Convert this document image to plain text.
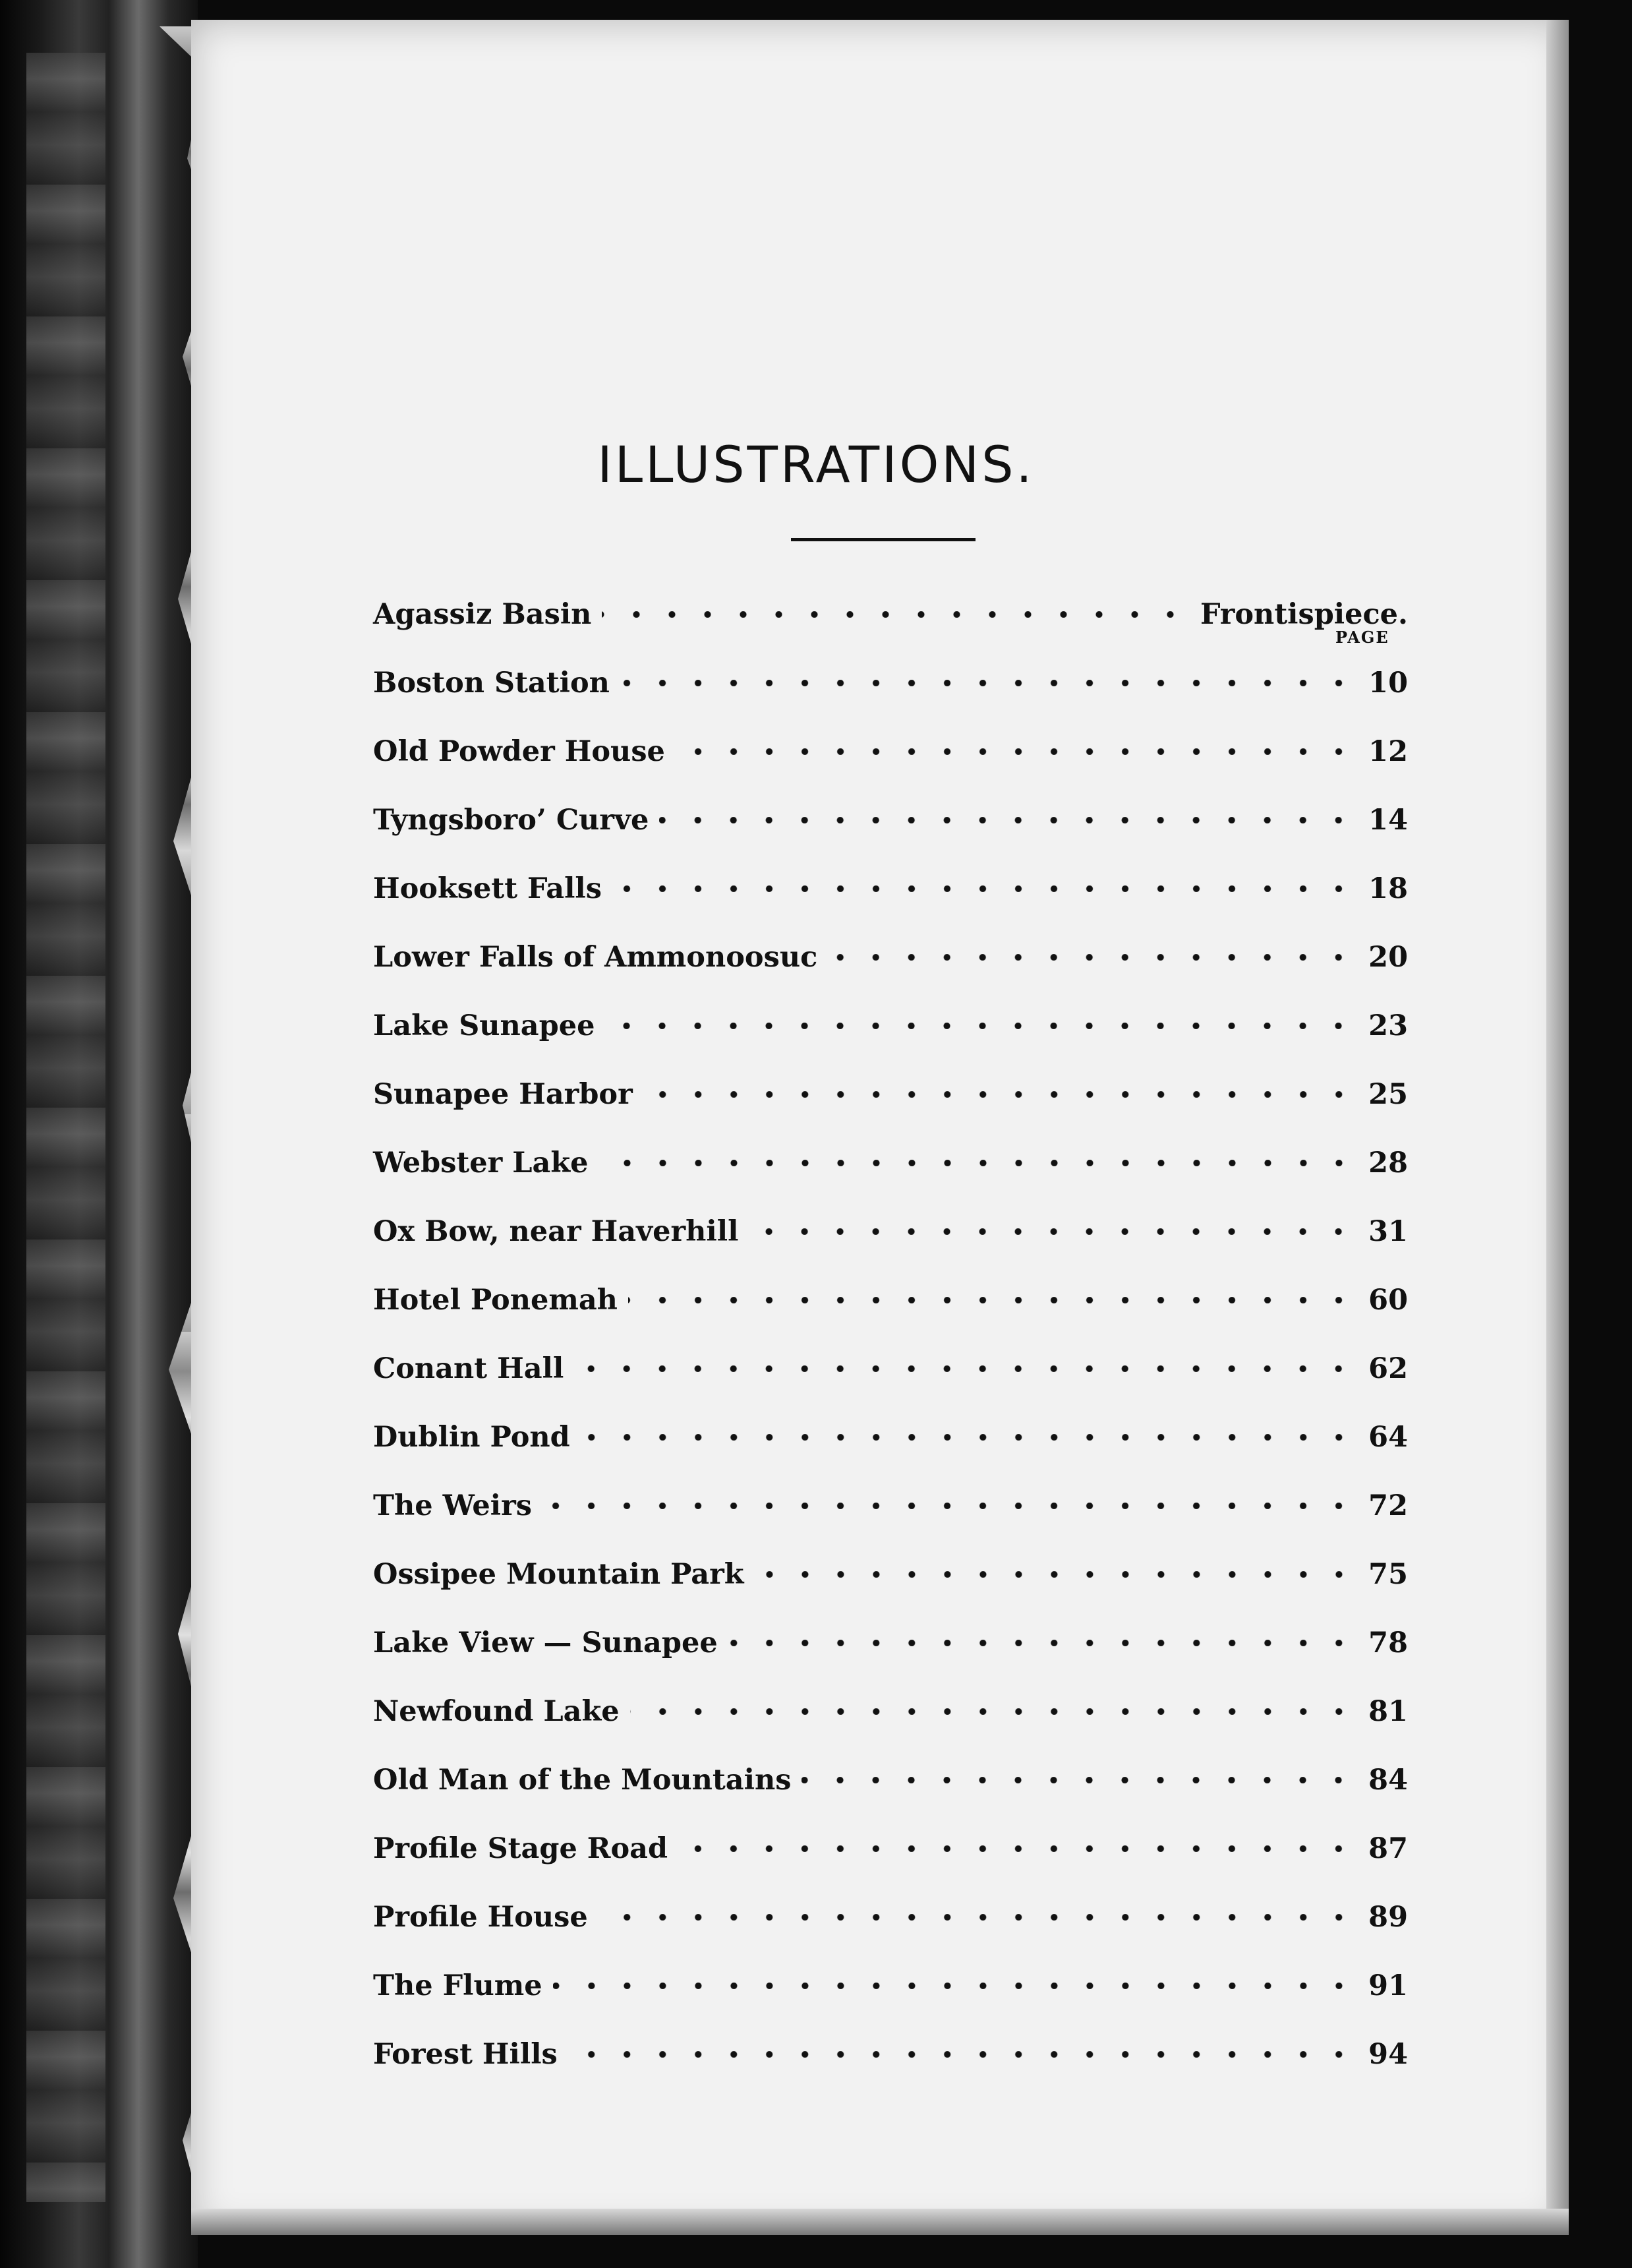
ILLUSTRATIONS.
PAGE
Agassiz Basin	Frontispiece.
Boston Station	10
Old Powder House	12
Tyngsboro’ Curve	14
Hooksett Falls	18
Lower Falls of Ammonoosuc	20
Lake Sunapee	23
Sunapee Harbor	25
Webster Lake	28
Ox Bow, near Haverhill	31
Hotel Ponemah	60
Conant Hall	62
Dublin Pond	64
The Weirs	72
Ossipee Mountain Park	75
Lake View — Sunapee	78
Newfound Lake	81
Old Man of the Mountains	84
Profile Stage Road	87
Profile House	89
The Flume	91
Forest Hills	94
